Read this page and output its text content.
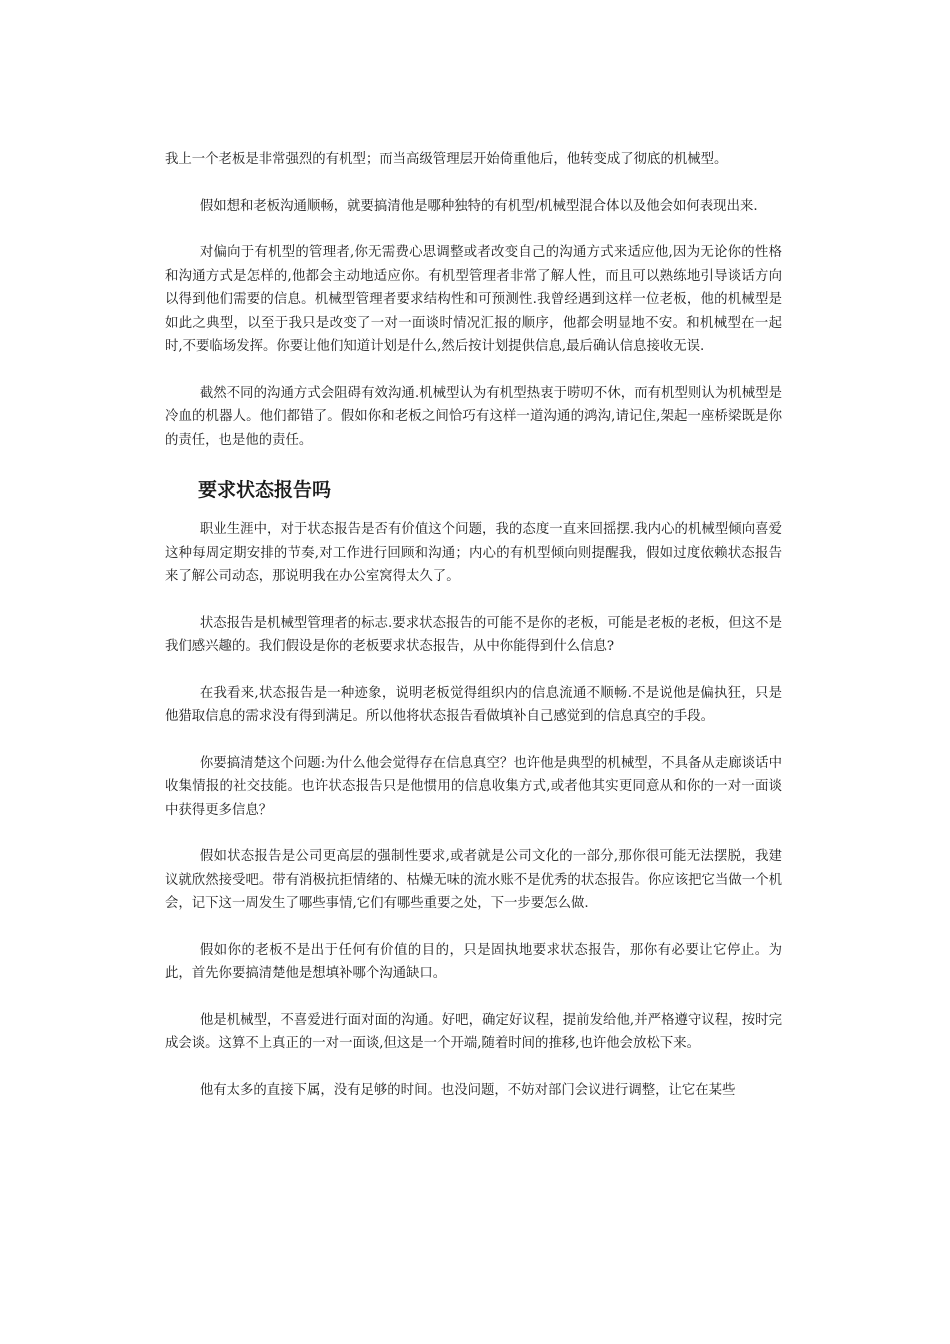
我上一个老板是非常强烈的有机型；而当高级管理层开始倚重他后，他转变成了彻底的机械型。

假如想和老板沟通顺畅，就要搞清他是哪种独特的有机型/机械型混合体以及他会如何表现出来.

对偏向于有机型的管理者,你无需费心思调整或者改变自己的沟通方式来适应他,因为无论你的性格和沟通方式是怎样的,他都会主动地适应你。有机型管理者非常了解人性，而且可以熟练地引导谈话方向以得到他们需要的信息。机械型管理者要求结构性和可预测性.我曾经遇到这样一位老板，他的机械型是如此之典型，以至于我只是改变了一对一面谈时情况汇报的顺序，他都会明显地不安。和机械型在一起时,不要临场发挥。你要让他们知道计划是什么,然后按计划提供信息,最后确认信息接收无误.

截然不同的沟通方式会阻碍有效沟通.机械型认为有机型热衷于唠叨不休，而有机型则认为机械型是冷血的机器人。他们都错了。假如你和老板之间恰巧有这样一道沟通的鸿沟,请记住,架起一座桥梁既是你的责任，也是他的责任。

要求状态报告吗

职业生涯中，对于状态报告是否有价值这个问题，我的态度一直来回摇摆.我内心的机械型倾向喜爱这种每周定期安排的节奏,对工作进行回顾和沟通；内心的有机型倾向则提醒我，假如过度依赖状态报告来了解公司动态，那说明我在办公室窝得太久了。

状态报告是机械型管理者的标志.要求状态报告的可能不是你的老板，可能是老板的老板，但这不是我们感兴趣的。我们假设是你的老板要求状态报告，从中你能得到什么信息?

在我看来,状态报告是一种迹象，说明老板觉得组织内的信息流通不顺畅.不是说他是偏执狂，只是他猎取信息的需求没有得到满足。所以他将状态报告看做填补自己感觉到的信息真空的手段。

你要搞清楚这个问题:为什么他会觉得存在信息真空？也许他是典型的机械型，不具备从走廊谈话中收集情报的社交技能。也许状态报告只是他惯用的信息收集方式,或者他其实更同意从和你的一对一面谈中获得更多信息？

假如状态报告是公司更高层的强制性要求,或者就是公司文化的一部分,那你很可能无法摆脱，我建议就欣然接受吧。带有消极抗拒情绪的、枯燥无味的流水账不是优秀的状态报告。你应该把它当做一个机会，记下这一周发生了哪些事情,它们有哪些重要之处，下一步要怎么做.

假如你的老板不是出于任何有价值的目的，只是固执地要求状态报告，那你有必要让它停止。为此，首先你要搞清楚他是想填补哪个沟通缺口。

他是机械型，不喜爱进行面对面的沟通。好吧，确定好议程，提前发给他,并严格遵守议程，按时完成会谈。这算不上真正的一对一面谈,但这是一个开端,随着时间的推移,也许他会放松下来。

他有太多的直接下属，没有足够的时间。也没问题，不妨对部门会议进行调整，让它在某些
